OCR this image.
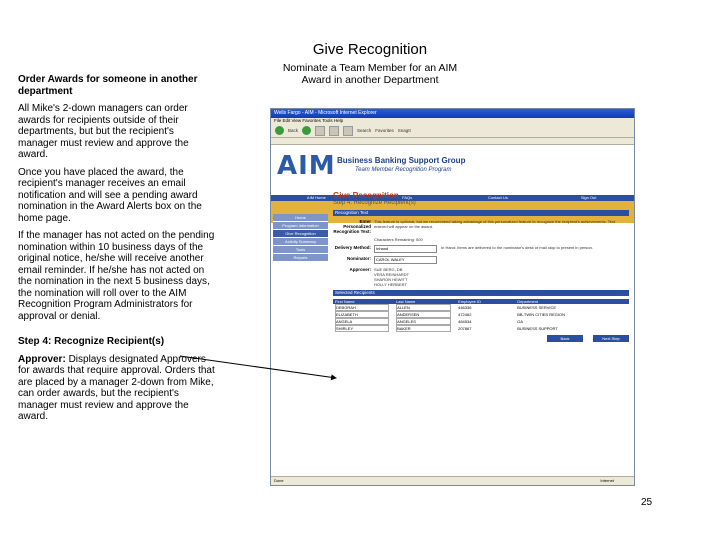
Give Recognition

Order Awards for someone in another department

All Mike's 2-down managers can order awards for recipients outside of their departments, but but the recipient's manager must review and approve the award.

Once you have placed the award, the recipient's manager receives an email notification and will see a pending award nomination in the Award Alerts box on the home page.

If the manager has not acted on the pending nomination within 10 business days of the original notice, he/she will receive another email reminder. If he/she has not acted on the nomination in the next 5 business days, the nomination will roll over to the AIM Recognition Program Administrators for approval or denial.

Step 4: Recognize Recipient(s)

Approver: Displays designated Approvers for awards that require approval. Orders that are placed by a manager 2-down from Mike, can order awards, but the recipient's manager must review and approve the award.

Nominate a Team Member for an AIM Award in another Department
Wells Fargo - AIM - Microsoft Internet Explorer
File Edit View Favorites Tools Help
Back	Search Favorites SnagIt
AIM Business Banking Support Group
Team Member Recognition Program
AIM Home	FAQs	Contact Us	Sign Out
Home
Program Information
Give Recognition
Activity Summary
Tools
Reports
Give Recognition
Step 4: Recognize Recipient(s)
Recognition Text
Enter Personalized Recognition Text:
This feature is optional, but we recommend taking advantage of this personalized feature to recognize the recipient's achievements. Text entered will appear on the award.
Characters Remaining: 500
Delivery Method:	Inhand	In Hand: Items are delivered to the nominator's desk or mail stop to present in person.
Nominator:	CAROL WALEY
Approver: SUE BERG, DB
VERA REINHARDT
SHARON HEWITT
HOLLY HERBERT
Selected Recipients
First Name	Last Name	Employee ID	Department
DEBORAH	ALLEN	446336	BUSINESS SERVICE
ELIZABETH	ANDERSEN	472462	BB-TWIN CITIES REGION
ANGELA	ANGELES	484534	OA
SHIRLEY	BAKER	207867	BUSINESS SUPPORT
Back	Next Step
Done	Internet
25
